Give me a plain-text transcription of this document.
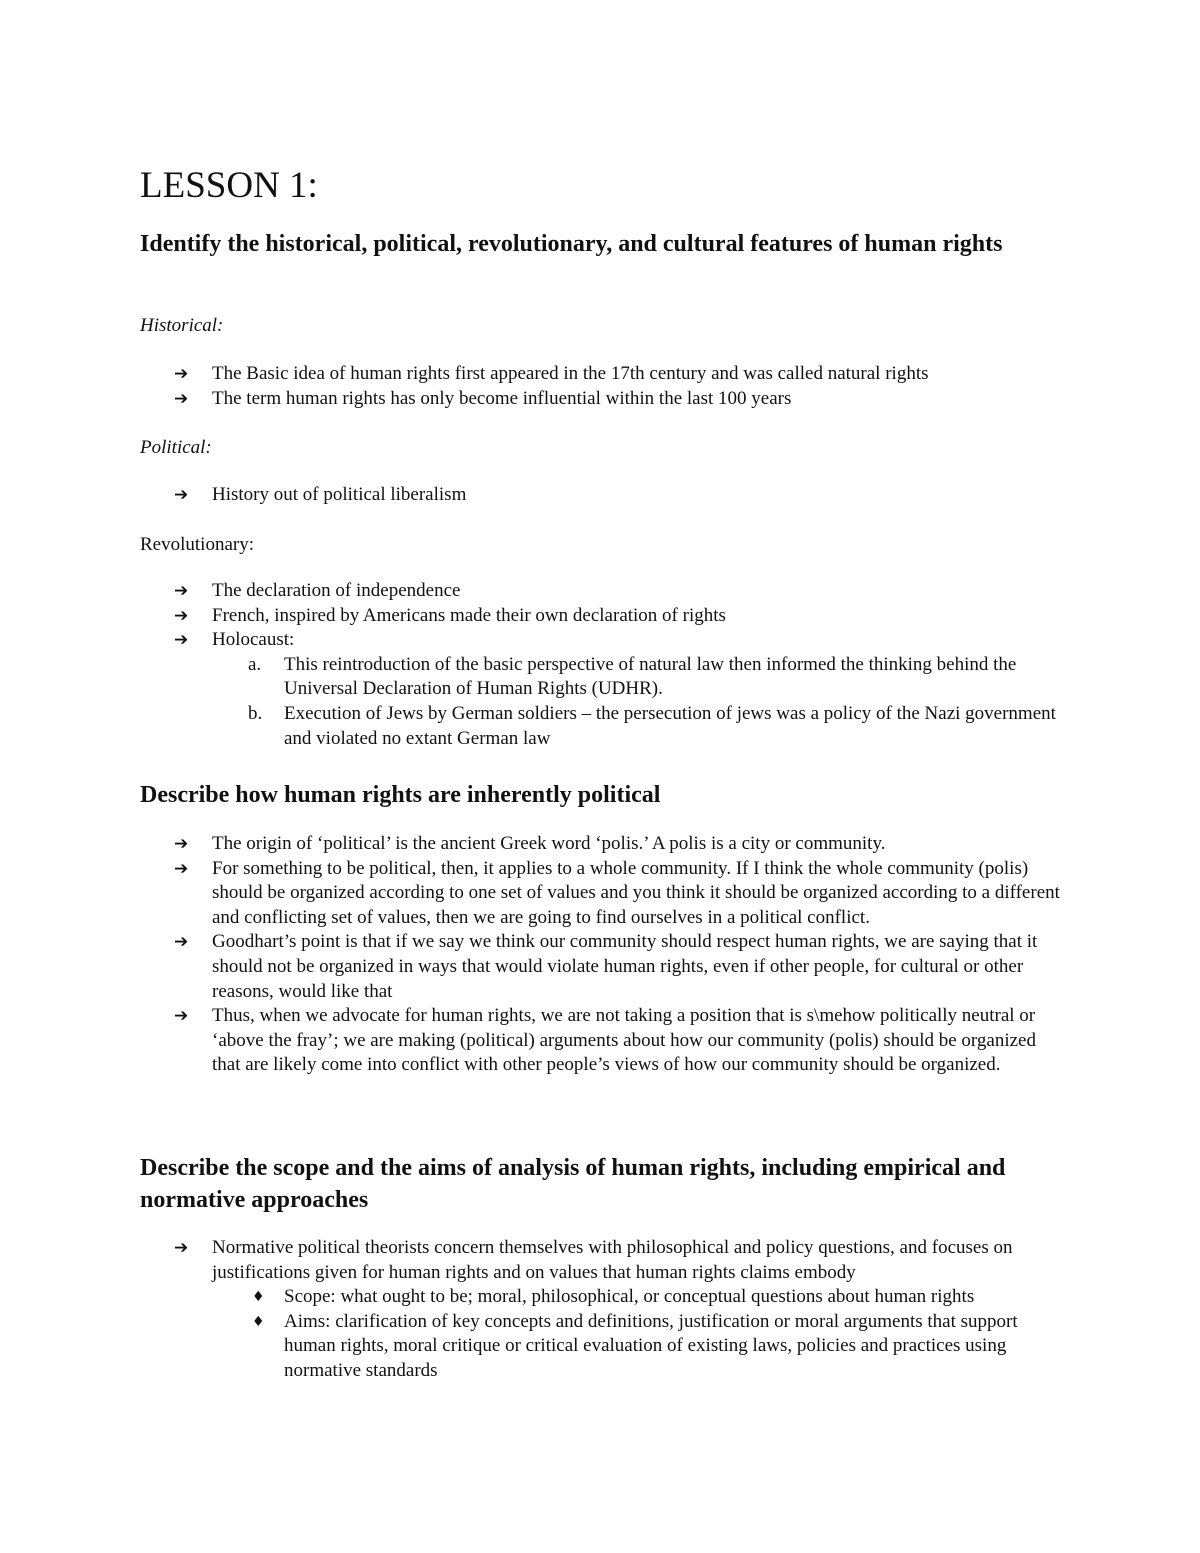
LESSON 1:
Identify the historical, political, revolutionary, and cultural features of human rights

Historical:

➔ The Basic idea of human rights first appeared in the 17th century and was called natural rights
➔ The term human rights has only become influential within the last 100 years

Political:

➔ History out of political liberalism

Revolutionary:

➔ The declaration of independence
➔ French, inspired by Americans made their own declaration of rights
➔ Holocaust:
a. This reintroduction of the basic perspective of natural law then informed the thinking behind the Universal Declaration of Human Rights (UDHR).
b. Execution of Jews by German soldiers – the persecution of jews was a policy of the Nazi government and violated no extant German law
Describe how human rights are inherently political
➔ The origin of ‘political’ is the ancient Greek word ‘polis.’ A polis is a city or community.
➔ For something to be political, then, it applies to a whole community. If I think the whole community (polis) should be organized according to one set of values and you think it should be organized according to a different and conflicting set of values, then we are going to find ourselves in a political conflict.
➔ Goodhart’s point is that if we say we think our community should respect human rights, we are saying that it should not be organized in ways that would violate human rights, even if other people, for cultural or other reasons, would like that
➔ Thus, when we advocate for human rights, we are not taking a position that is s\mehow politically neutral or ‘above the fray’; we are making (political) arguments about how our community (polis) should be organized that are likely come into conflict with other people’s views of how our community should be organized.
Describe the scope and the aims of analysis of human rights, including empirical and normative approaches
➔ Normative political theorists concern themselves with philosophical and policy questions, and focuses on justifications given for human rights and on values that human rights claims embody
♦ Scope: what ought to be; moral, philosophical, or conceptual questions about human rights
♦ Aims: clarification of key concepts and definitions, justification or moral arguments that support human rights, moral critique or critical evaluation of existing laws, policies and practices using normative standards
